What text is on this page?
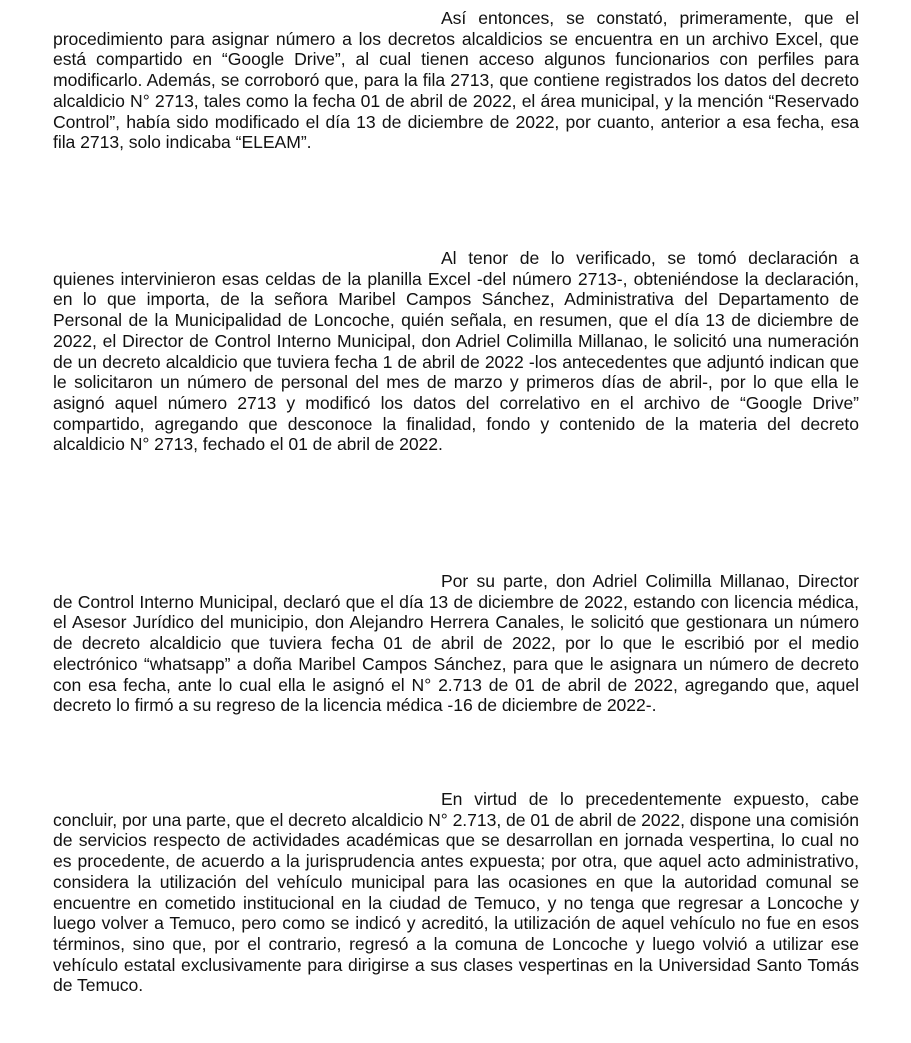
Así entonces, se constató, primeramente, que el procedimiento para asignar número a los decretos alcaldicios se encuentra en un archivo Excel, que está compartido en “Google Drive”, al cual tienen acceso algunos funcionarios con perfiles para modificarlo. Además, se corroboró que, para la fila 2713, que contiene registrados los datos del decreto alcaldicio N° 2713, tales como la fecha 01 de abril de 2022, el área municipal, y la mención “Reservado Control”, había sido modificado el día 13 de diciembre de 2022, por cuanto, anterior a esa fecha, esa fila 2713, solo indicaba “ELEAM”.

Al tenor de lo verificado, se tomó declaración a quienes intervinieron esas celdas de la planilla Excel -del número 2713-, obteniéndose la declaración, en lo que importa, de la señora Maribel Campos Sánchez, Administrativa del Departamento de Personal de la Municipalidad de Loncoche, quién señala, en resumen, que el día 13 de diciembre de 2022, el Director de Control Interno Municipal, don Adriel Colimilla Millanao, le solicitó una numeración de un decreto alcaldicio que tuviera fecha 1 de abril de 2022 -los antecedentes que adjuntó indican que le solicitaron un número de personal del mes de marzo y primeros días de abril-, por lo que ella le asignó aquel número 2713 y modificó los datos del correlativo en el archivo de “Google Drive” compartido, agregando que desconoce la finalidad, fondo y contenido de la materia del decreto alcaldicio N° 2713, fechado el 01 de abril de 2022.

Por su parte, don Adriel Colimilla Millanao, Director de Control Interno Municipal, declaró que el día 13 de diciembre de 2022, estando con licencia médica, el Asesor Jurídico del municipio, don Alejandro Herrera Canales, le solicitó que gestionara un número de decreto alcaldicio que tuviera fecha 01 de abril de 2022, por lo que le escribió por el medio electrónico “whatsapp” a doña Maribel Campos Sánchez, para que le asignara un número de decreto con esa fecha, ante lo cual ella le asignó el N° 2.713 de 01 de abril de 2022, agregando que, aquel decreto lo firmó a su regreso de la licencia médica -16 de diciembre de 2022-.

En virtud de lo precedentemente expuesto, cabe concluir, por una parte, que el decreto alcaldicio N° 2.713, de 01 de abril de 2022, dispone una comisión de servicios respecto de actividades académicas que se desarrollan en jornada vespertina, lo cual no es procedente, de acuerdo a la jurisprudencia antes expuesta; por otra, que aquel acto administrativo, considera la utilización del vehículo municipal para las ocasiones en que la autoridad comunal se encuentre en cometido institucional en la ciudad de Temuco, y no tenga que regresar a Loncoche y luego volver a Temuco, pero como se indicó y acreditó, la utilización de aquel vehículo no fue en esos términos, sino que, por el contrario, regresó a la comuna de Loncoche y luego volvió a utilizar ese vehículo estatal exclusivamente para dirigirse a sus clases vespertinas en la Universidad Santo Tomás de Temuco.
